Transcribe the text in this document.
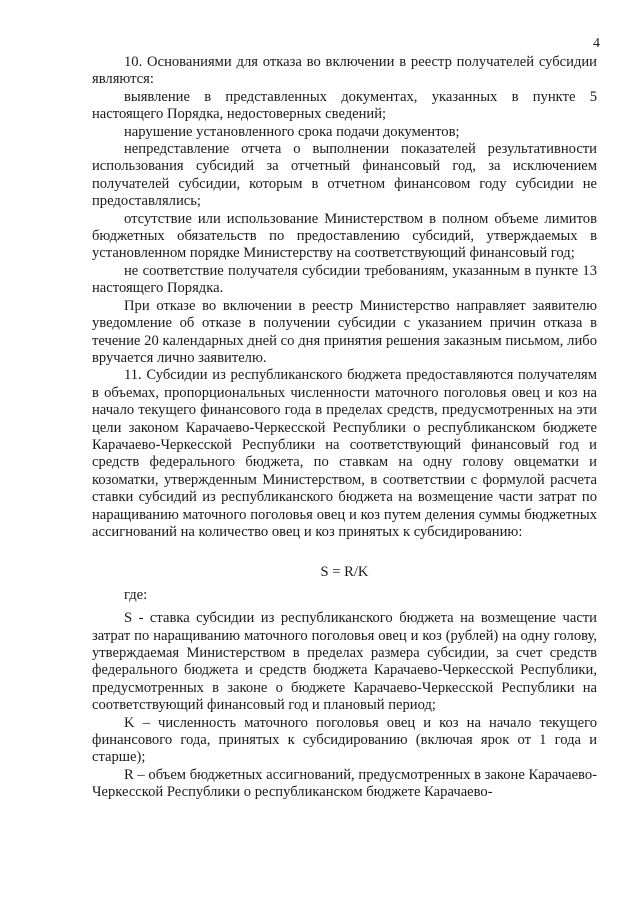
4

10. Основаниями для отказа во включении в реестр получателей субсидии являются:

выявление в представленных документах, указанных в пункте 5 настоящего Порядка, недостоверных сведений;

нарушение установленного срока подачи документов;

непредставление отчета о выполнении показателей результативности использования субсидий за отчетный финансовый год, за исключением получателей субсидии, которым в отчетном финансовом году субсидии не предоставлялись;

отсутствие или использование Министерством в полном объеме лимитов бюджетных обязательств по предоставлению субсидий, утверждаемых в установленном порядке Министерству на соответствующий финансовый год;

не соответствие получателя субсидии требованиям, указанным в пункте 13 настоящего Порядка.

При отказе во включении в реестр Министерство направляет заявителю уведомление об отказе в получении субсидии с указанием причин отказа в течение 20 календарных дней со дня принятия решения заказным письмом, либо вручается лично заявителю.

11. Субсидии из республиканского бюджета предоставляются получателям в объемах, пропорциональных численности маточного поголовья овец и коз на начало текущего финансового года в пределах средств, предусмотренных на эти цели законом Карачаево-Черкесской Республики о республиканском бюджете Карачаево-Черкесской Республики на соответствующий финансовый год и средств федерального бюджета, по ставкам на одну голову овцематки и козоматки, утвержденным Министерством, в соответствии с формулой расчета ставки субсидий из республиканского бюджета на возмещение части затрат по наращиванию маточного поголовья овец и коз путем деления суммы бюджетных ассигнований на количество овец и коз принятых к субсидированию:

S = R/K

где:

S - ставка субсидии из республиканского бюджета на возмещение части затрат по наращиванию маточного поголовья овец и коз (рублей) на одну голову, утверждаемая Министерством в пределах размера субсидии, за счет средств федерального бюджета и средств бюджета Карачаево-Черкесской Республики, предусмотренных в законе о бюджете Карачаево-Черкесской Республики на соответствующий финансовый год и плановый период;

K – численность маточного поголовья овец и коз на начало текущего финансового года, принятых к субсидированию (включая ярок от 1 года и старше);

R – объем бюджетных ассигнований, предусмотренных в законе Карачаево-Черкесской Республики о республиканском бюджете Карачаево-
